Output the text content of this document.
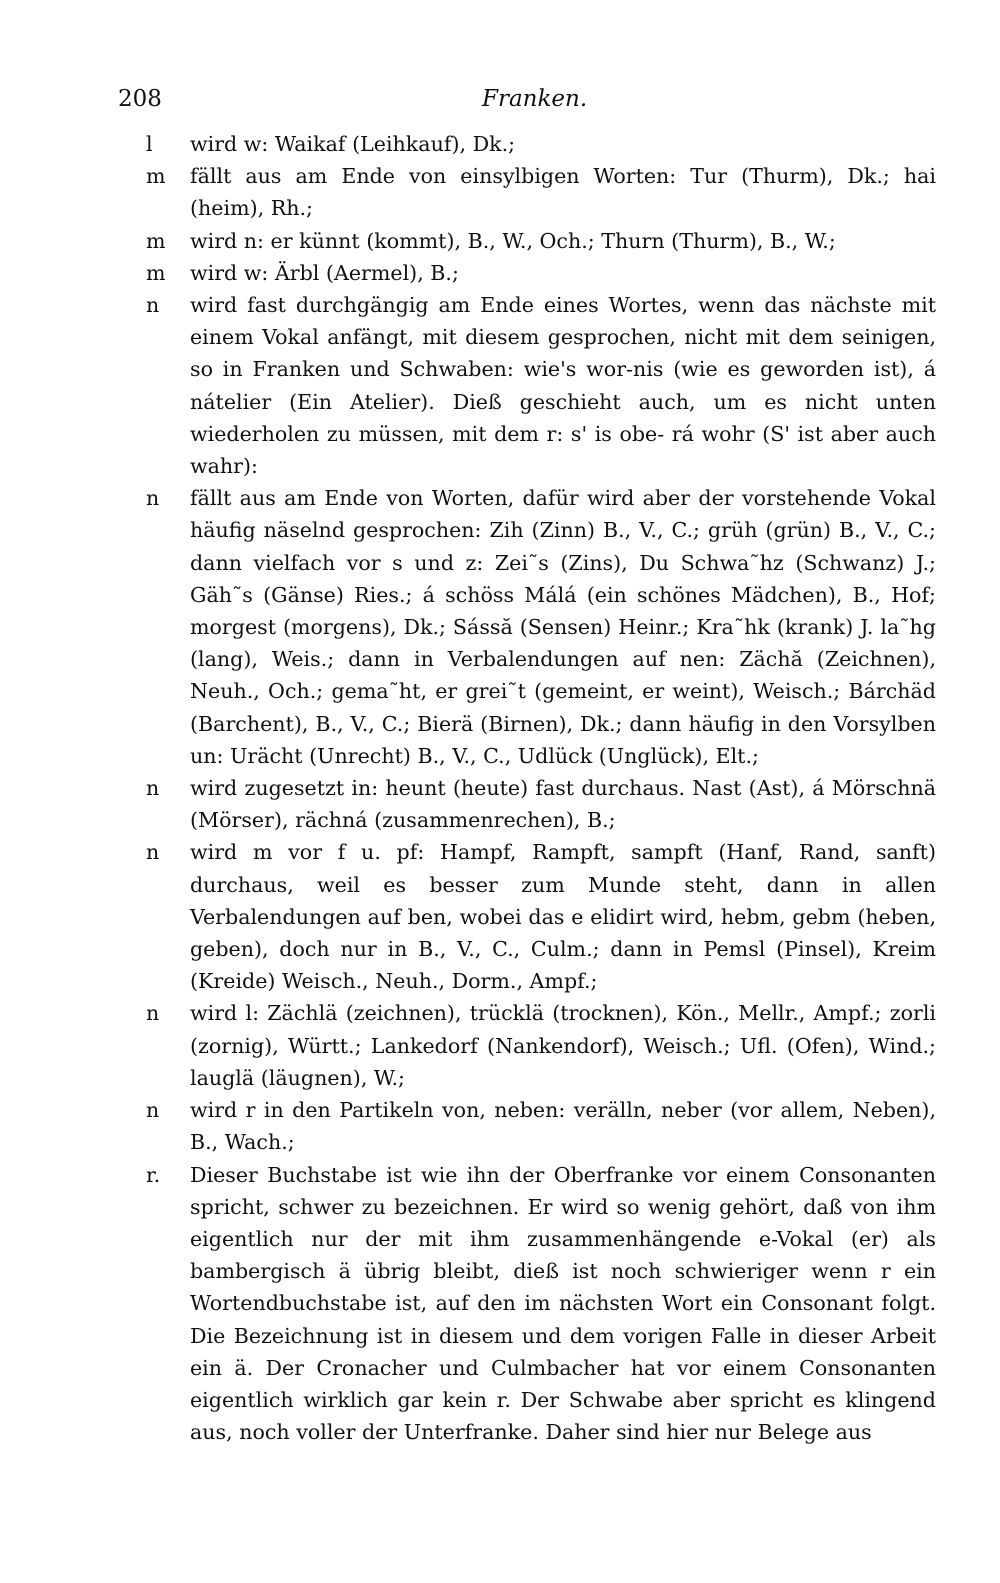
208	Franken.

l	wird w: Waikaf (Leihkauf), Dk.;

m	fällt aus am Ende von einsylbigen Worten: Tur (Thurm), Dk.; hai (heim), Rh.;

m	wird n: er künnt (kommt), B., W., Och.; Thurn (Thurm), B., W.;

m	wird w: Ärbl (Aermel), B.;

n	wird fast durchgängig am Ende eines Wortes, wenn das nächste mit einem Vokal anfängt, mit diesem gesprochen, nicht mit dem seinigen, so in Franken und Schwaben: wie's wor-nis (wie es geworden ist), á nátelier (Ein Atelier). Dieß geschieht auch, um es nicht unten wiederholen zu müssen, mit dem r: s' is obe- rá wohr (S' ist aber auch wahr):

n	fällt aus am Ende von Worten, dafür wird aber der vorstehende Vokal häufig näselnd gesprochen: Zih (Zinn) B., V., C.; grüh (grün) B., V., C.; dann vielfach vor s und z: Zei˜s (Zins), Du Schwa˜hz (Schwanz) J.; Gäh˜s (Gänse) Ries.; á schöss Málá (ein schönes Mädchen), B., Hof; morgest (morgens), Dk.; Sássă (Sensen) Heinr.; Kra˜hk (krank) J. la˜hg (lang), Weis.; dann in Verbalendungen auf nen: Zächă (Zeichnen), Neuh., Och.; gema˜ht, er grei˜t (gemeint, er weint), Weisch.; Bárchäd (Barchent), B., V., C.; Bierä (Birnen), Dk.; dann häufig in den Vorsylben un: Urächt (Unrecht) B., V., C., Udlück (Unglück), Elt.;

n	wird zugesetzt in: heunt (heute) fast durchaus. Nast (Ast), á Mörschnä (Mörser), rächná (zusammenrechen), B.;

n	wird m vor f u. pf: Hampf, Rampft, sampft (Hanf, Rand, sanft) durchaus, weil es besser zum Munde steht, dann in allen Verbalendungen auf ben, wobei das e elidirt wird, hebm, gebm (heben, geben), doch nur in B., V., C., Culm.; dann in Pemsl (Pinsel), Kreim (Kreide) Weisch., Neuh., Dorm., Ampf.;

n	wird l: Zächlä (zeichnen), trücklä (trocknen), Kön., Mellr., Ampf.; zorli (zornig), Württ.; Lankedorf (Nankendorf), Weisch.; Ufl. (Ofen), Wind.; lauglä (läugnen), W.;

n	wird r in den Partikeln von, neben: verälln, neber (vor allem, Neben), B., Wach.;

r.	Dieser Buchstabe ist wie ihn der Oberfranke vor einem Consonanten spricht, schwer zu bezeichnen. Er wird so wenig gehört, daß von ihm eigentlich nur der mit ihm zusammenhängende e-Vokal (er) als bambergisch ä übrig bleibt, dieß ist noch schwieriger wenn r ein Wortendbuchstabe ist, auf den im nächsten Wort ein Consonant folgt. Die Bezeichnung ist in diesem und dem vorigen Falle in dieser Arbeit ein ä. Der Cronacher und Culmbacher hat vor einem Consonanten eigentlich wirklich gar kein r. Der Schwabe aber spricht es klingend aus, noch voller der Unterfranke. Daher sind hier nur Belege aus
